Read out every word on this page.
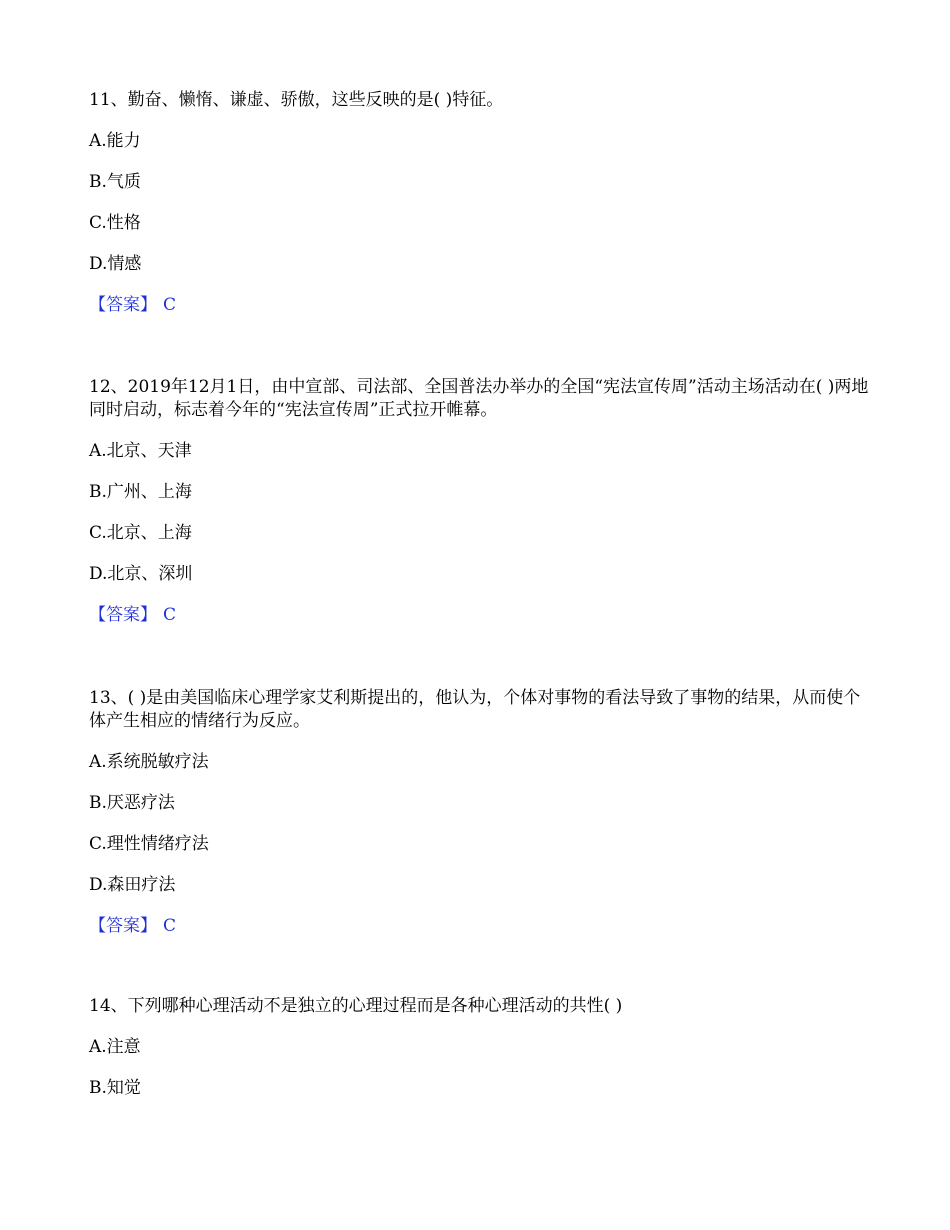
11、勤奋、懒惰、谦虚、骄傲，这些反映的是( )特征。

A.能力

B.气质

C.性格

D.情感

【答案】 C

12、2019年12月1日，由中宣部、司法部、全国普法办举办的全国“宪法宣传周”活动主场活动在( )两地同时启动，标志着今年的“宪法宣传周”正式拉开帷幕。

A.北京、天津

B.广州、上海

C.北京、上海

D.北京、深圳

【答案】 C

13、( )是由美国临床心理学家艾利斯提出的，他认为，个体对事物的看法导致了事物的结果，从而使个体产生相应的情绪行为反应。

A.系统脱敏疗法

B.厌恶疗法

C.理性情绪疗法

D.森田疗法

【答案】 C

14、下列哪种心理活动不是独立的心理过程而是各种心理活动的共性( )

A.注意

B.知觉
